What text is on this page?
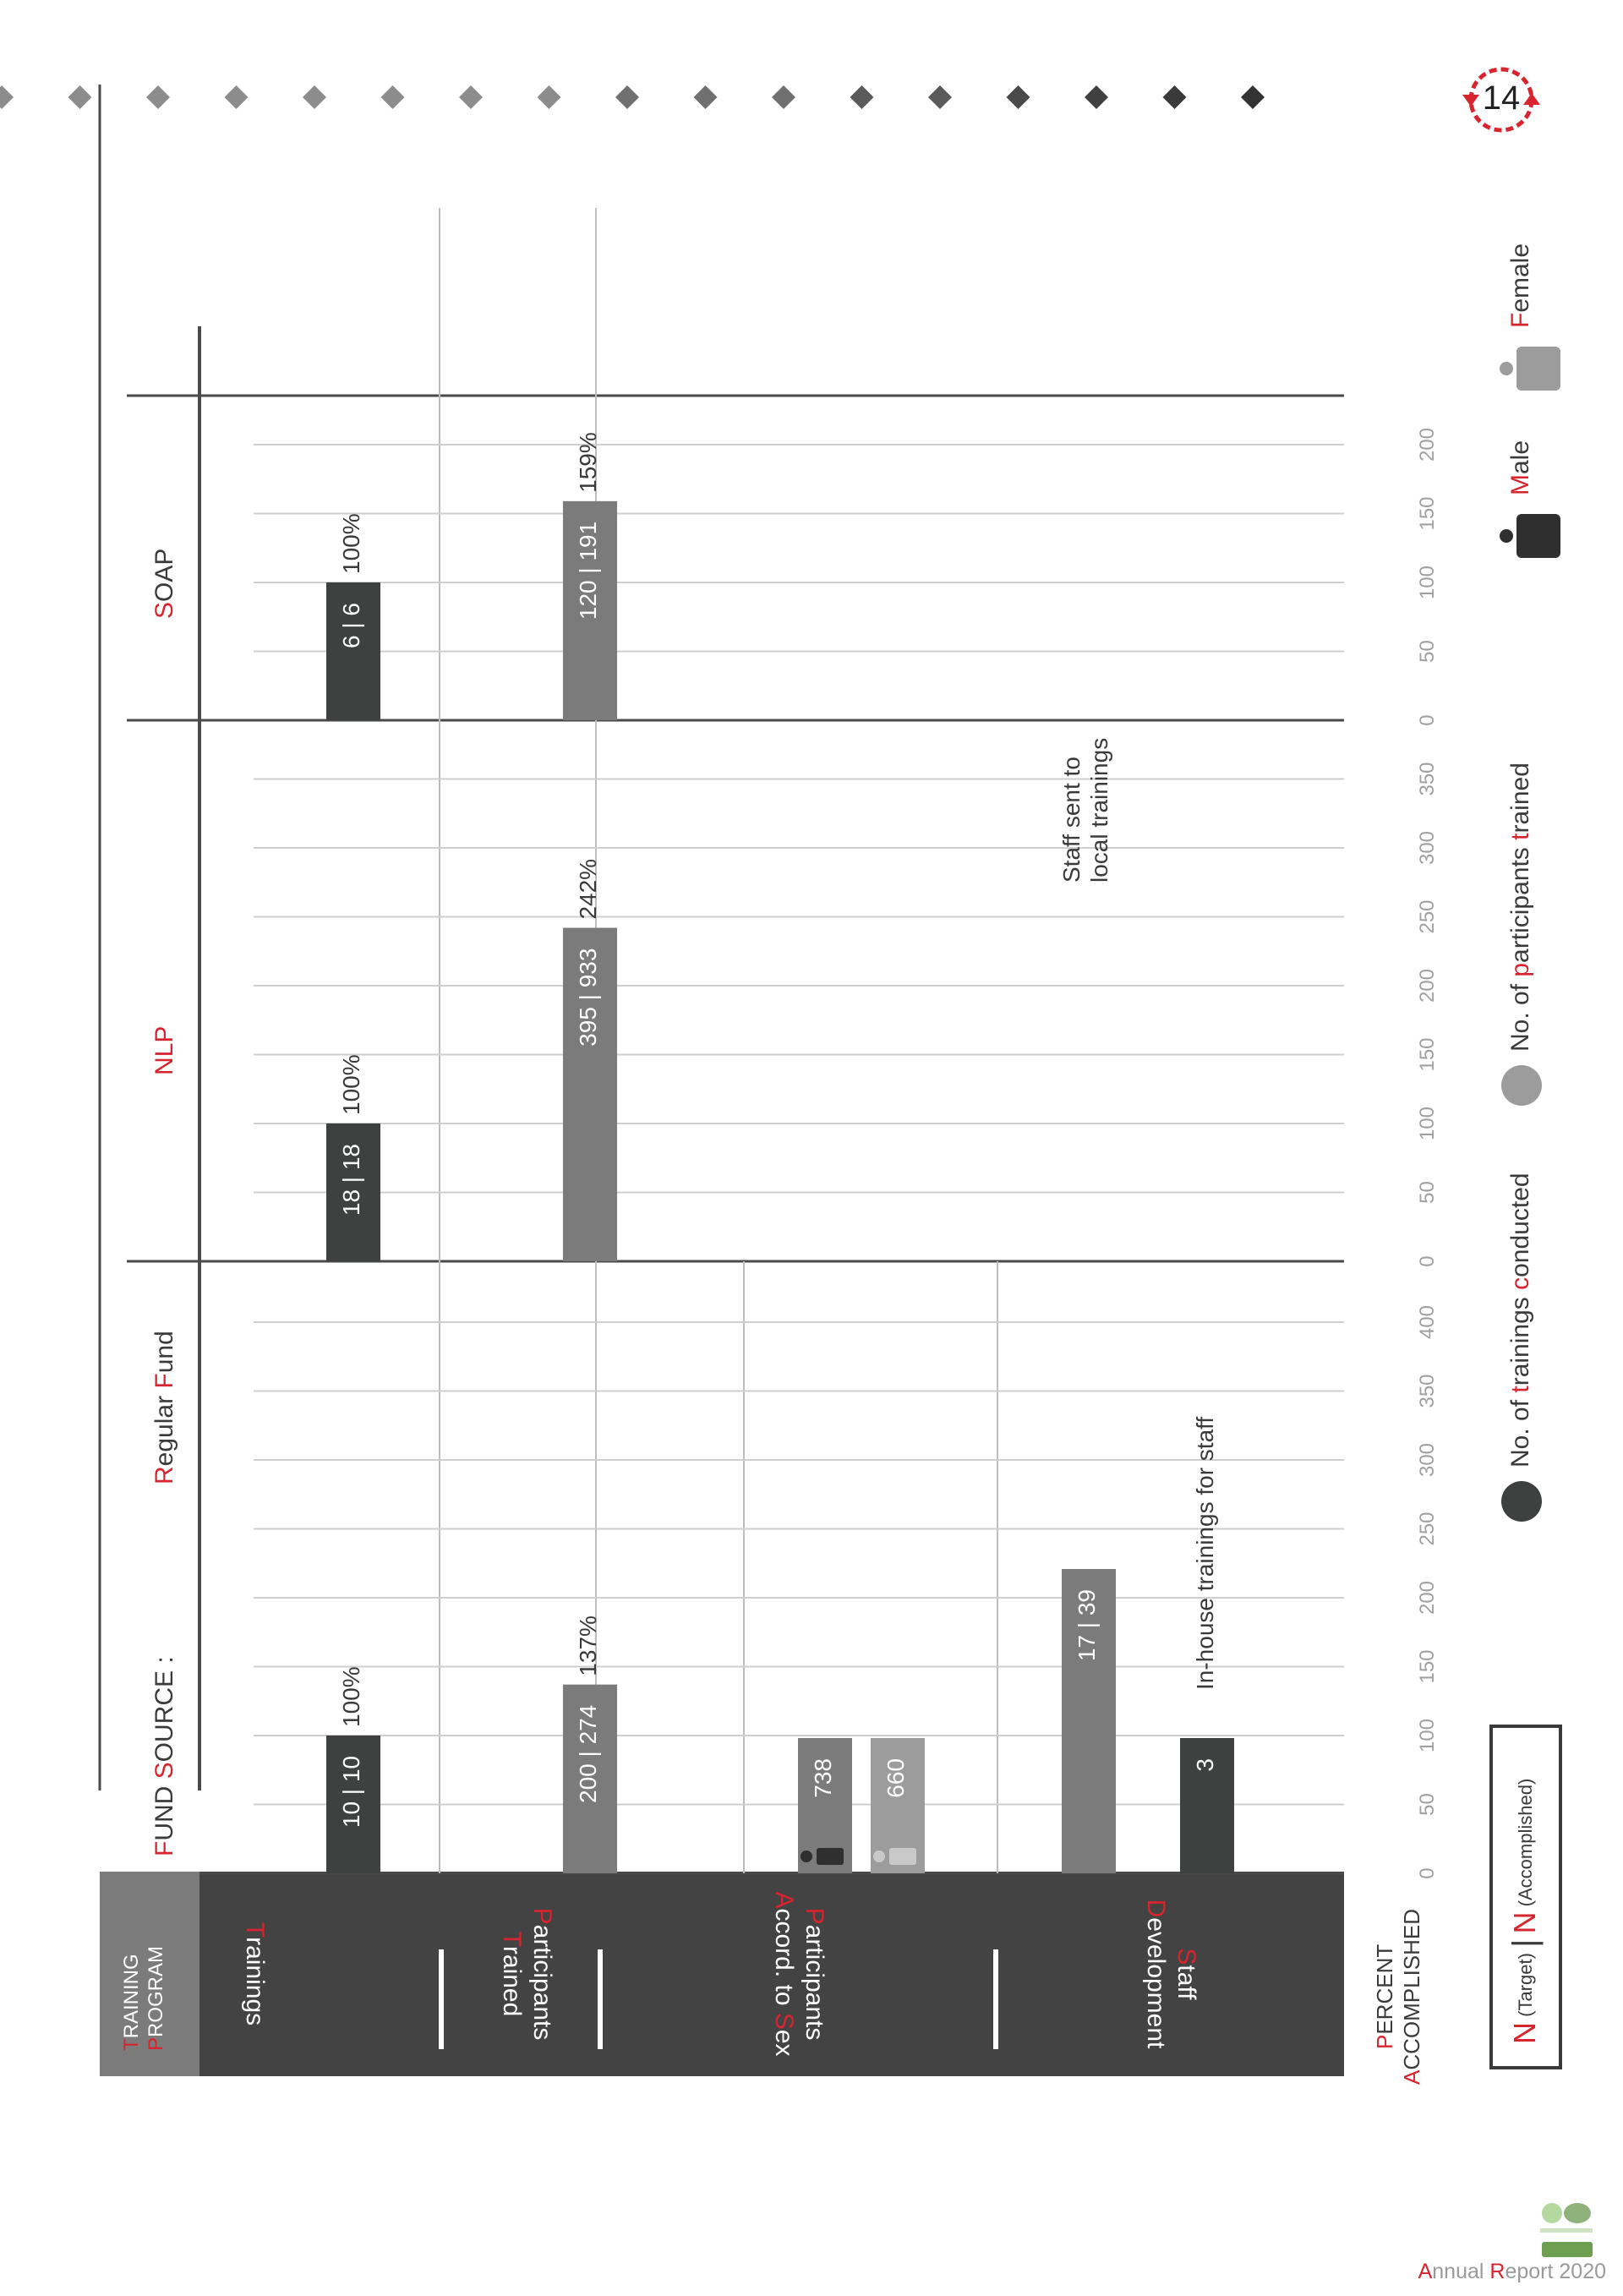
14
TRAINING
PROGRAM
Trainings
Participants
Trained
Participants
Accord. to Sex
Staff
Development	PERCENT
ACCOMPLISHED
FUND SOURCE :
Regular Fund
0
50
100
150
200
250
300
350
400
10 | 10
100%
200 | 274
137%
738 660
17 | 39
3
NLP
0
50
100
150
200
250
300
350
18 | 18
100%
395 | 933
242%
SOAP
0
50
100
150
200
6 | 6
100%	120 | 191
159%
Staff sent to local trainings
In-house trainings for staff
N (Target) | N (Accomplished)
No. of trainings conducted
No. of participants trained
Male
Female
Annual Report 2020
